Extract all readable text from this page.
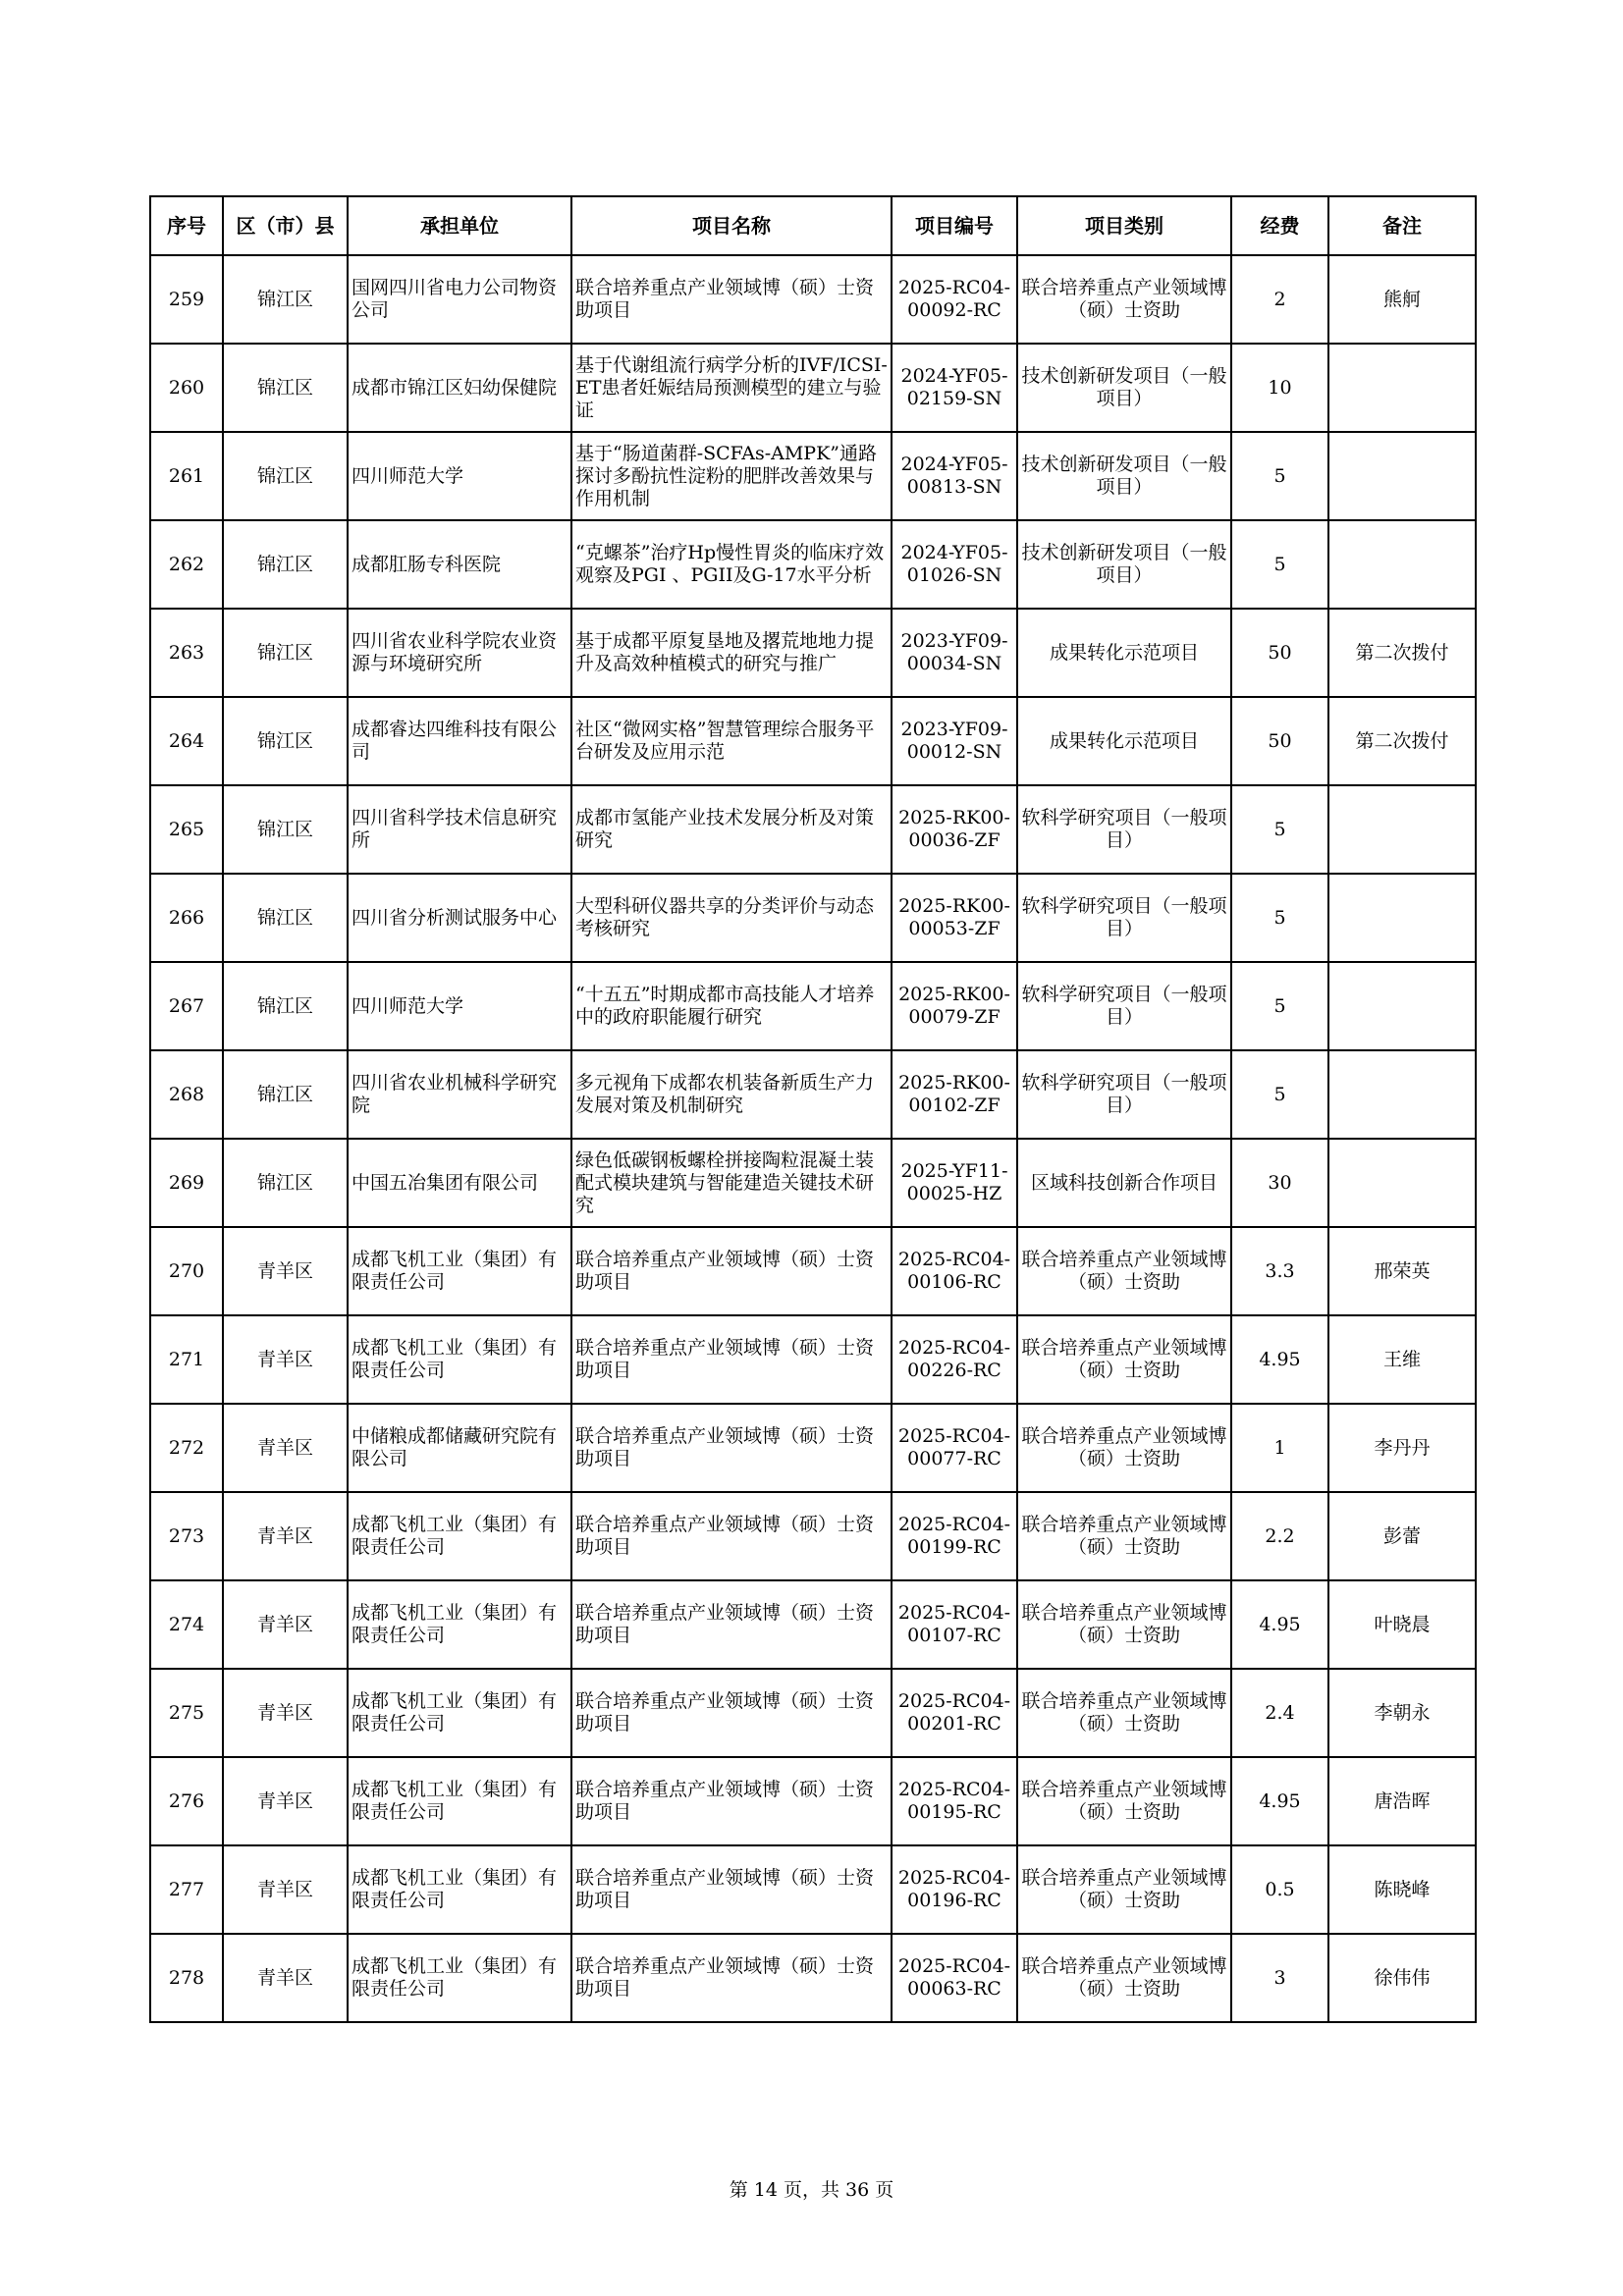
序号	区（市）县	承担单位	项目名称	项目编号	项目类别	经费	备注
259	锦江区	国网四川省电力公司物资公司	联合培养重点产业领域博（硕）士资助项目	2025-RC04-00092-RC	联合培养重点产业领域博（硕）士资助	2	熊舸
260	锦江区	成都市锦江区妇幼保健院	基于代谢组流行病学分析的IVF/ICSI-ET患者妊娠结局预测模型的建立与验证	2024-YF05-02159-SN	技术创新研发项目（一般项目）	10	
261	锦江区	四川师范大学	基于“肠道菌群-SCFAs-AMPK”通路探讨多酚抗性淀粉的肥胖改善效果与作用机制	2024-YF05-00813-SN	技术创新研发项目（一般项目）	5	
262	锦江区	成都肛肠专科医院	“克螺茶”治疗Hp慢性胃炎的临床疗效观察及PGI 、PGII及G-17水平分析	2024-YF05-01026-SN	技术创新研发项目（一般项目）	5	
263	锦江区	四川省农业科学院农业资源与环境研究所	基于成都平原复垦地及撂荒地地力提升及高效种植模式的研究与推广	2023-YF09-00034-SN	成果转化示范项目	50	第二次拨付
264	锦江区	成都睿达四维科技有限公司	社区“微网实格”智慧管理综合服务平台研发及应用示范	2023-YF09-00012-SN	成果转化示范项目	50	第二次拨付
265	锦江区	四川省科学技术信息研究所	成都市氢能产业技术发展分析及对策研究	2025-RK00-00036-ZF	软科学研究项目（一般项目）	5	
266	锦江区	四川省分析测试服务中心	大型科研仪器共享的分类评价与动态考核研究	2025-RK00-00053-ZF	软科学研究项目（一般项目）	5	
267	锦江区	四川师范大学	“十五五”时期成都市高技能人才培养中的政府职能履行研究	2025-RK00-00079-ZF	软科学研究项目（一般项目）	5	
268	锦江区	四川省农业机械科学研究院	多元视角下成都农机装备新质生产力发展对策及机制研究	2025-RK00-00102-ZF	软科学研究项目（一般项目）	5	
269	锦江区	中国五冶集团有限公司	绿色低碳钢板螺栓拼接陶粒混凝土装配式模块建筑与智能建造关键技术研究	2025-YF11-00025-HZ	区域科技创新合作项目	30	
270	青羊区	成都飞机工业（集团）有限责任公司	联合培养重点产业领域博（硕）士资助项目	2025-RC04-00106-RC	联合培养重点产业领域博（硕）士资助	3.3	邢荣英
271	青羊区	成都飞机工业（集团）有限责任公司	联合培养重点产业领域博（硕）士资助项目	2025-RC04-00226-RC	联合培养重点产业领域博（硕）士资助	4.95	王维
272	青羊区	中储粮成都储藏研究院有限公司	联合培养重点产业领域博（硕）士资助项目	2025-RC04-00077-RC	联合培养重点产业领域博（硕）士资助	1	李丹丹
273	青羊区	成都飞机工业（集团）有限责任公司	联合培养重点产业领域博（硕）士资助项目	2025-RC04-00199-RC	联合培养重点产业领域博（硕）士资助	2.2	彭蕾
274	青羊区	成都飞机工业（集团）有限责任公司	联合培养重点产业领域博（硕）士资助项目	2025-RC04-00107-RC	联合培养重点产业领域博（硕）士资助	4.95	叶晓晨
275	青羊区	成都飞机工业（集团）有限责任公司	联合培养重点产业领域博（硕）士资助项目	2025-RC04-00201-RC	联合培养重点产业领域博（硕）士资助	2.4	李朝永
276	青羊区	成都飞机工业（集团）有限责任公司	联合培养重点产业领域博（硕）士资助项目	2025-RC04-00195-RC	联合培养重点产业领域博（硕）士资助	4.95	唐浩晖
277	青羊区	成都飞机工业（集团）有限责任公司	联合培养重点产业领域博（硕）士资助项目	2025-RC04-00196-RC	联合培养重点产业领域博（硕）士资助	0.5	陈晓峰
278	青羊区	成都飞机工业（集团）有限责任公司	联合培养重点产业领域博（硕）士资助项目	2025-RC04-00063-RC	联合培养重点产业领域博（硕）士资助	3	徐伟伟
第 14 页，共 36 页
